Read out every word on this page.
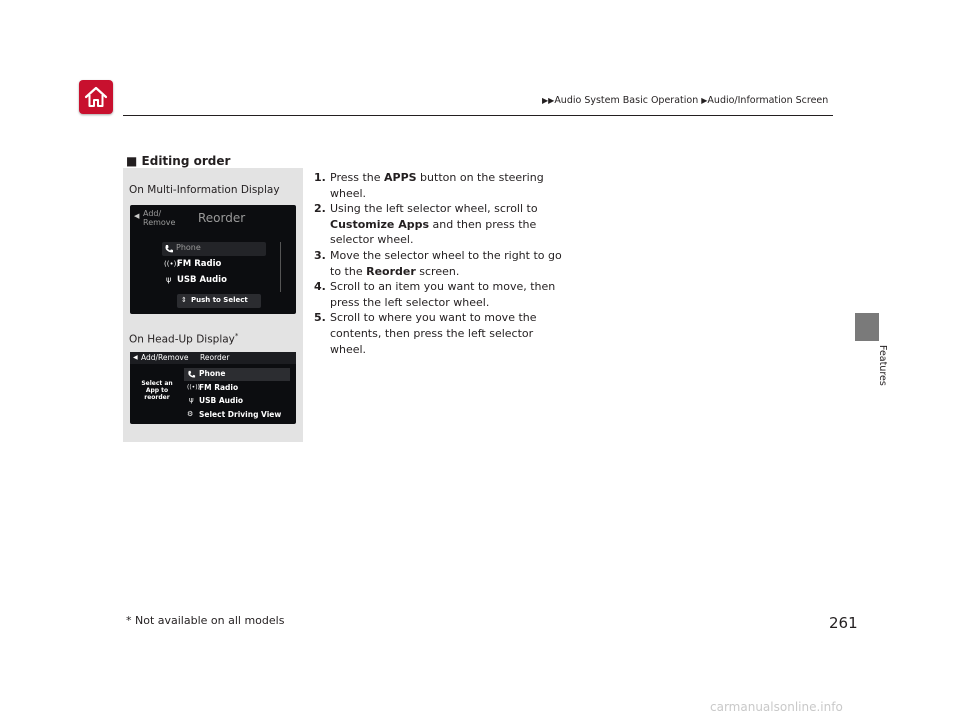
▶▶Audio System Basic Operation ▶Audio/Information Screen
Features
■ Editing order
On Multi-Information Display
◀ Add/
Remove Reorder
Phone
((•))
FM Radio
ψ USB Audio
⇕ Push to Select
On Head-Up Display*
◀ Add/Remove Reorder
Select an
App to
reorder
Phone
((•)) FM Radio
ψ USB Audio
⚙ Select Driving View
1. Press the APPS button on the steering wheel.
2. Using the left selector wheel, scroll to Customize Apps and then press the selector wheel.
3. Move the selector wheel to the right to go to the Reorder screen.
4. Scroll to an item you want to move, then press the left selector wheel.
5. Scroll to where you want to move the contents, then press the left selector wheel.
* Not available on all models	261
carmanualsonline.info
